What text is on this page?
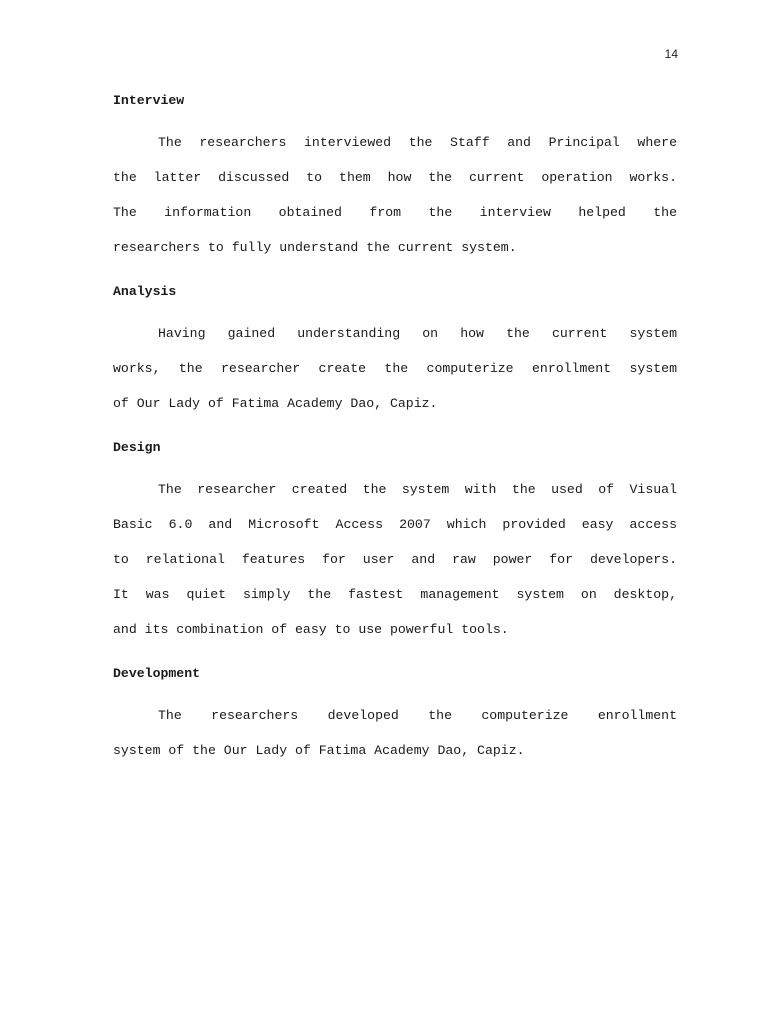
14
Interview
The researchers interviewed the Staff and Principal where
the latter discussed to them how the current operation works.
The information obtained from the interview helped the
researchers to fully understand the current system.
Analysis
Having gained understanding on how the current system
works, the researcher create the computerize enrollment system
of Our Lady of Fatima Academy Dao, Capiz.
Design
The researcher created the system with the used of Visual
Basic 6.0 and Microsoft Access 2007 which provided easy access
to relational features for user and raw power for developers.
It was quiet simply the fastest management system on desktop,
and its combination of easy to use powerful tools.
Development
The researchers developed the computerize enrollment
system of the Our Lady of Fatima Academy Dao, Capiz.
